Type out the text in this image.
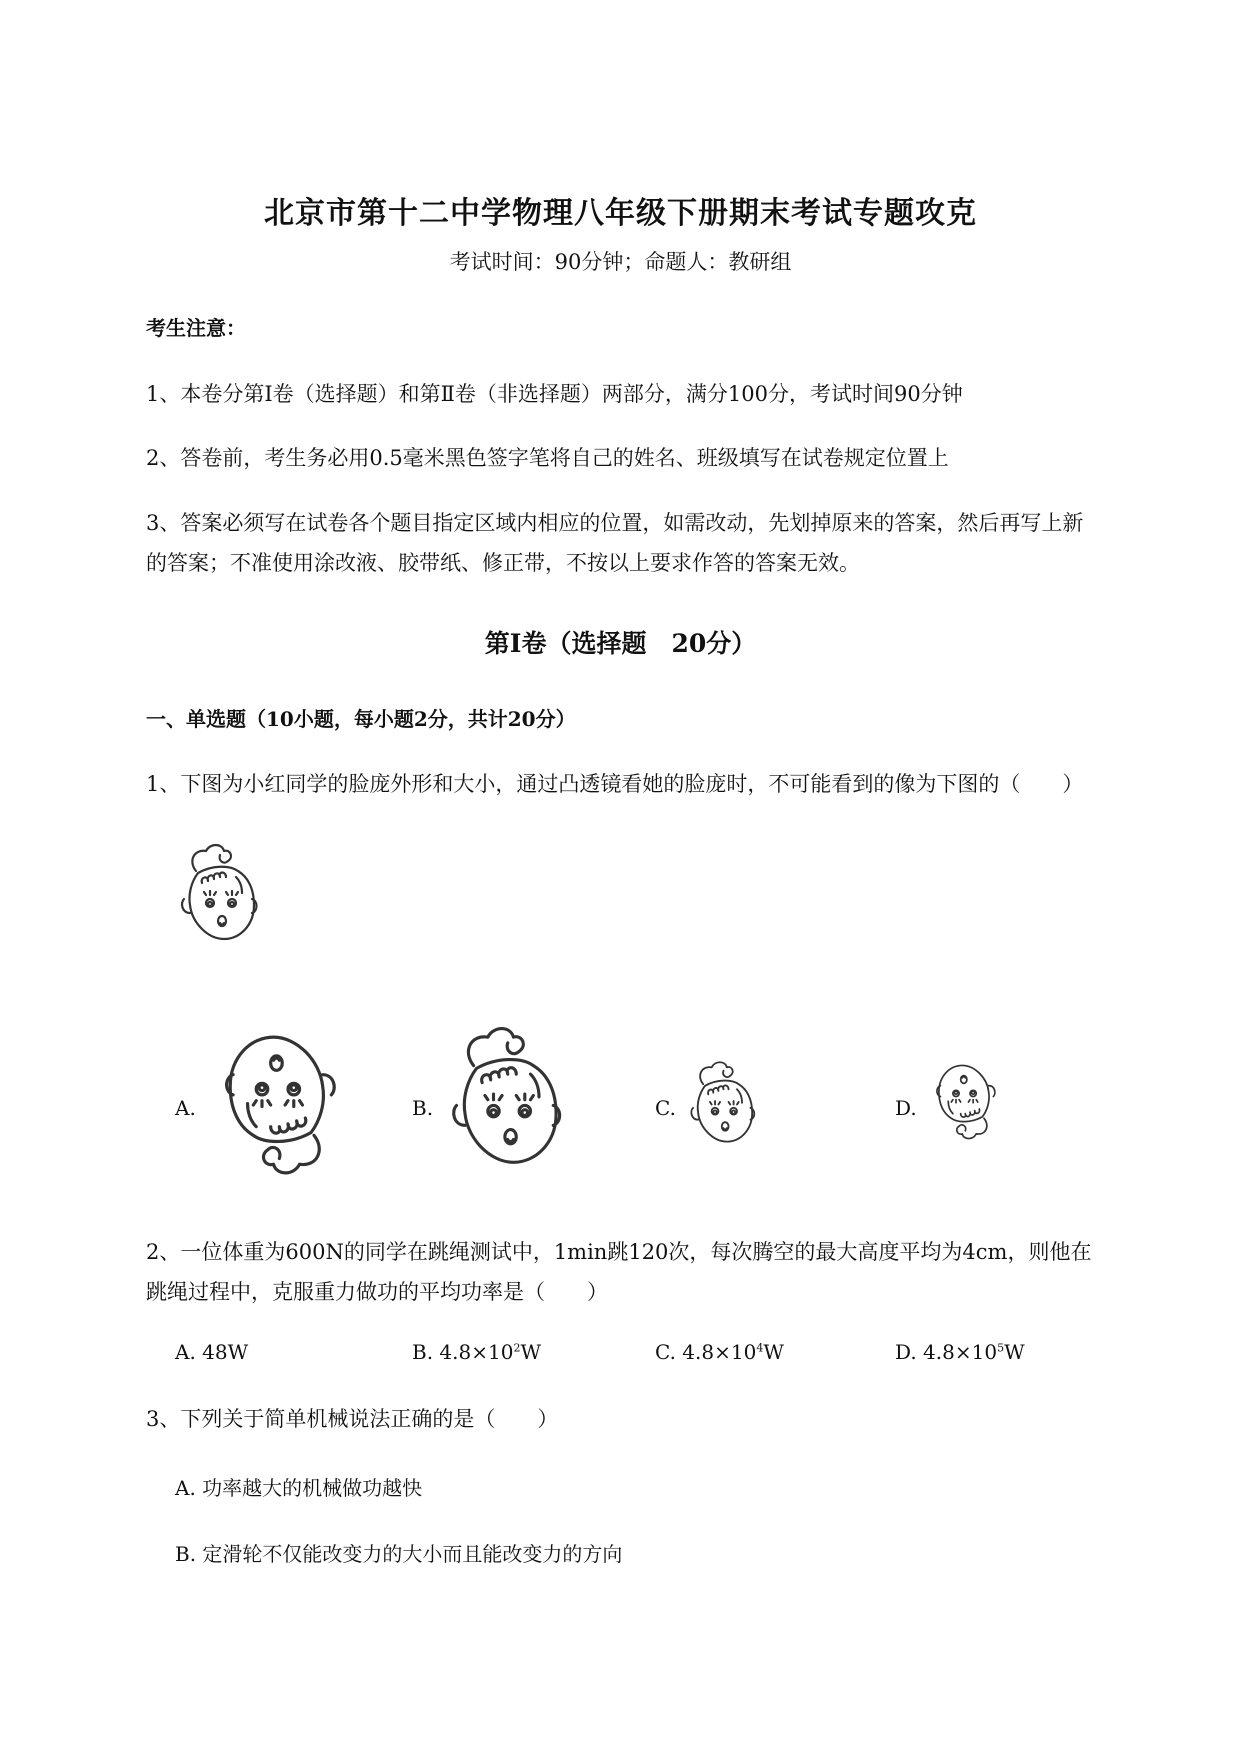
北京市第十二中学物理八年级下册期末考试专题攻克
考试时间：90分钟；命题人：教研组
考生注意：
1、本卷分第I卷（选择题）和第Ⅱ卷（非选择题）两部分，满分100分，考试时间90分钟
2、答卷前，考生务必用0.5毫米黑色签字笔将自己的姓名、班级填写在试卷规定位置上
3、答案必须写在试卷各个题目指定区域内相应的位置，如需改动，先划掉原来的答案，然后再写上新
的答案；不准使用涂改液、胶带纸、修正带，不按以上要求作答的答案无效。
第I卷（选择题　20分）
一、单选题（10小题，每小题2分，共计20分）
1、下图为小红同学的脸庞外形和大小，通过凸透镜看她的脸庞时，不可能看到的像为下图的（　　）
A.	B.	C.	D.
2、一位体重为600N的同学在跳绳测试中，1min跳120次，每次腾空的最大高度平均为4cm，则他在
跳绳过程中，克服重力做功的平均功率是（　　）
A. 48W	B. $4.8\times 10^2W$	C. $4.8\times 10^4W$	D. $4.8\times 10^5W$
3、下列关于简单机械说法正确的是（　　）
A. 功率越大的机械做功越快
B. 定滑轮不仅能改变力的大小而且能改变力的方向
